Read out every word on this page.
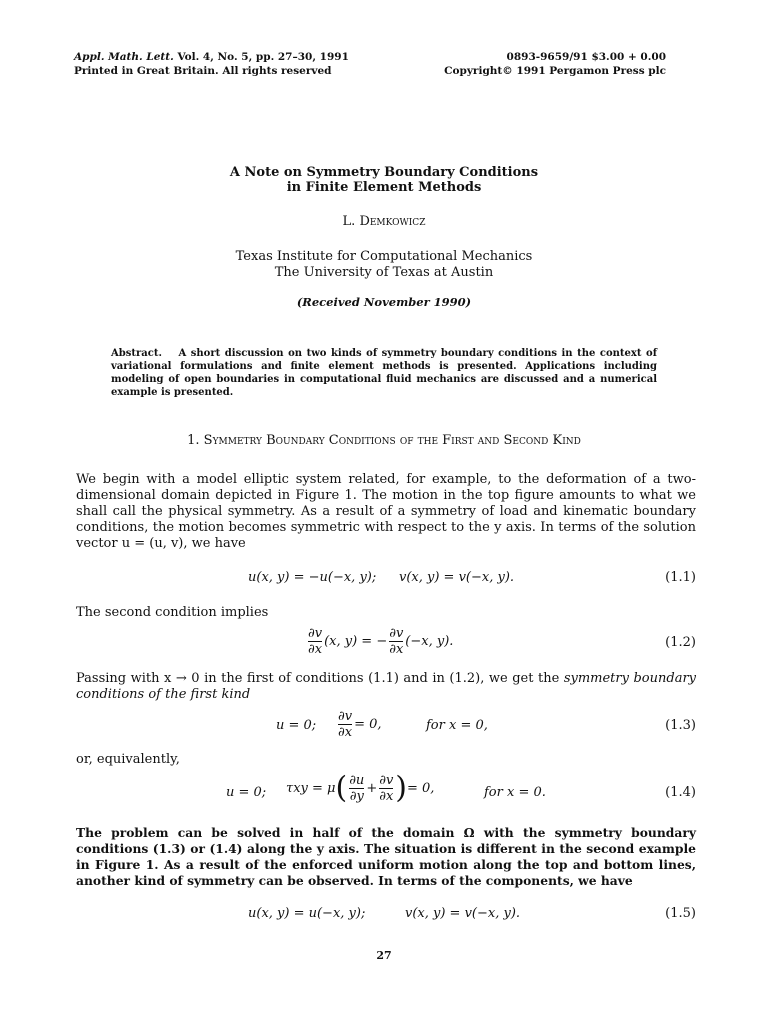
Appl. Math. Lett. Vol. 4, No. 5, pp. 27–30, 1991
Printed in Great Britain. All rights reserved
0893-9659/91 $3.00 + 0.00
Copyright© 1991 Pergamon Press plc
A Note on Symmetry Boundary Conditions
in Finite Element Methods
L. Demkowicz
Texas Institute for Computational Mechanics
The University of Texas at Austin
(Received November 1990)
Abstract. A short discussion on two kinds of symmetry boundary conditions in the context of variational formulations and finite element methods is presented. Applications including modeling of open boundaries in computational fluid mechanics are discussed and a numerical example is presented.
1. Symmetry Boundary Conditions of the First and Second Kind
We begin with a model elliptic system related, for example, to the deformation of a two-dimensional domain depicted in Figure 1. The motion in the top figure amounts to what we shall call the physical symmetry. As a result of a symmetry of load and kinematic boundary conditions, the motion becomes symmetric with respect to the y axis. In terms of the solution vector u = (u, v), we have
u(x, y) = −u(−x, y); v(x, y) = v(−x, y).	(1.1)
The second condition implies
$\frac{\partial v}{\partial x} (x$, y) = − $\frac{\partial v}{\partial x} (-x$, y).	(1.2)
Passing with x → 0 in the first of conditions (1.1) and in (1.2), we get the symmetry boundary conditions of the first kind
u = 0; $\frac{\partial v}{\partial x} = 0$,	for x = 0,	(1.3)
or, equivalently,
u = 0; $\tau xy = \mu( \frac{\partial u}{\partial y} + \frac{\partial v}{\partial x}$ )= 0,	for x = 0.	(1.4)
The problem can be solved in half of the domain Ω with the symmetry boundary conditions (1.3) or (1.4) along the y axis. The situation is different in the second example in Figure 1. As a result of the enforced uniform motion along the top and bottom lines, another kind of symmetry can be observed. In terms of the components, we have
u(x, y) = u(−x, y);	v(x, y) = v(−x, y).	(1.5)
27
